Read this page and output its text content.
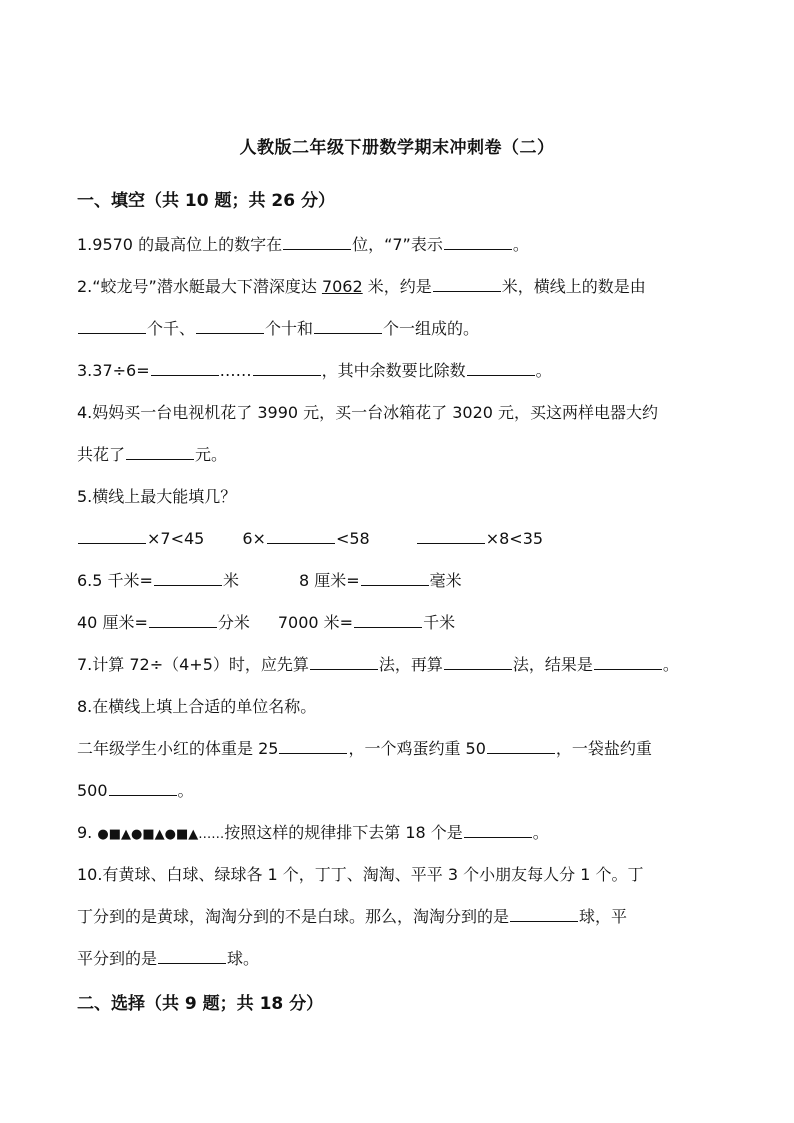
人教版二年级下册数学期末冲刺卷（二）
一、填空（共 10 题；共 26 分）
1.9570 的最高位上的数字在	位，“7”表示	。
2.“蛟龙号”潜水艇最大下潜深度达 7062 米，约是	米，横线上的数是由
个千、	个十和	个一组成的。
3.37÷6=	……	，其中余数要比除数	。
4.妈妈买一台电视机花了 3990 元，买一台冰箱花了 3020 元，买这两样电器大约
共花了	元。
5.横线上最大能填几？
×7<45 6×	<58	×8<35
6.5 千米=	米	8 厘米=	毫米
40 厘米=	分米 7000 米=	千米
7.计算 72÷（4+5）时，应先算	法，再算	法，结果是	。
8.在横线上填上合适的单位名称。
二年级学生小红的体重是 25	，一个鸡蛋约重 50	，一袋盐约重
500	。
9. ●■▲●■▲●■▲……按照这样的规律排下去第 18 个是	。
10.有黄球、白球、绿球各 1 个，丁丁、淘淘、平平 3 个小朋友每人分 1 个。丁
丁分到的是黄球，淘淘分到的不是白球。那么，淘淘分到的是	球，平
平分到的是	球。
二、选择（共 9 题；共 18 分）
